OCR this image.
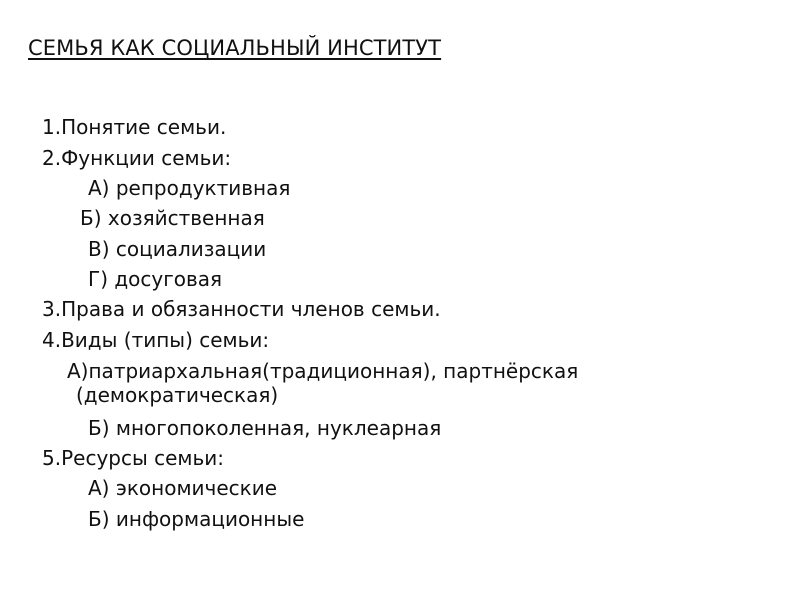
СЕМЬЯ КАК СОЦИАЛЬНЫЙ ИНСТИТУТ
1.Понятие семьи.
2.Функции семьи:
А) репродуктивная
Б) хозяйственная
В) социализации
Г) досуговая
3.Права и обязанности членов семьи.
4.Виды (типы) семьи:
А)патриархальная(традиционная), партнёрская
(демократическая)
Б) многопоколенная, нуклеарная
5.Ресурсы семьи:
А) экономические
Б) информационные
